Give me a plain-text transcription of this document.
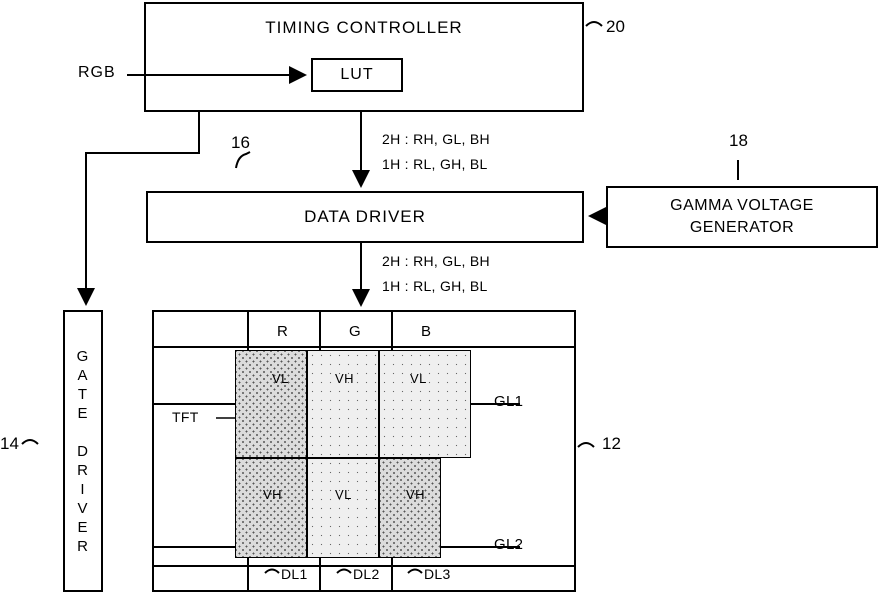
TIMING CONTROLLER
LUT
DATA DRIVER
GAMMA VOLTAGE
GENERATOR
G
A
T
E

D
R
I
V
E
R
RGB
2H : RH, GL, BH
1H : RL, GH, BL
2H : RH, GL, BH
1H : RL, GH, BL
20
18
16
14	12
R	G	B
VL	VH	VL
VH	VL	VH
GL1
GL2
DL1	DL2	DL3
TFT
